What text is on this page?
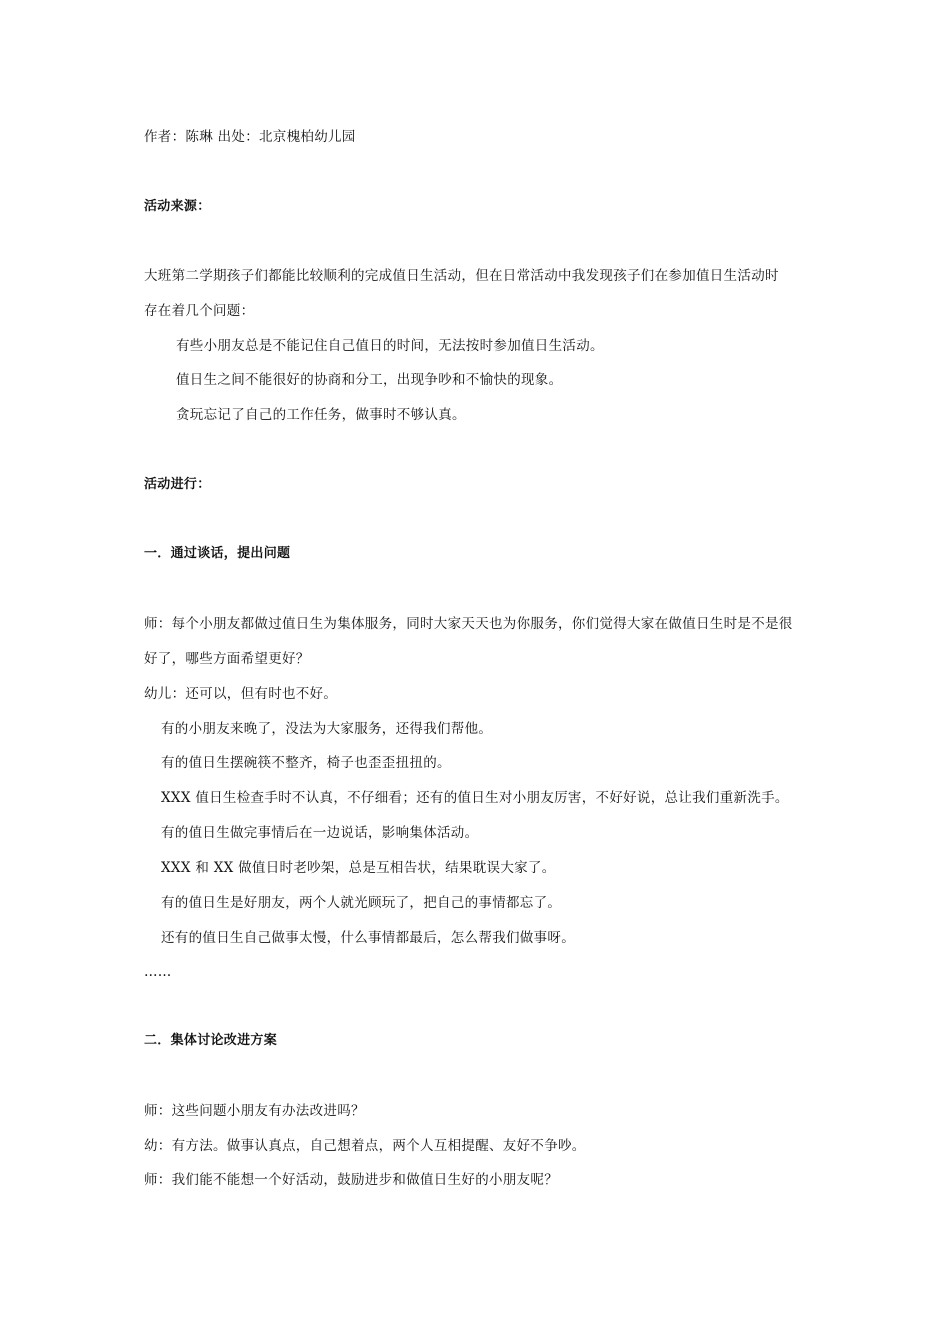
作者：陈琳 出处：北京槐柏幼儿园
活动来源：
大班第二学期孩子们都能比较顺利的完成值日生活动，但在日常活动中我发现孩子们在参加值日生活动时
存在着几个问题：
有些小朋友总是不能记住自己值日的时间，无法按时参加值日生活动。
值日生之间不能很好的协商和分工，出现争吵和不愉快的现象。
贪玩忘记了自己的工作任务，做事时不够认真。
活动进行：
一．通过谈话，提出问题
师：每个小朋友都做过值日生为集体服务，同时大家天天也为你服务，你们觉得大家在做值日生时是不是很
好了，哪些方面希望更好？
幼儿：还可以，但有时也不好。
有的小朋友来晚了，没法为大家服务，还得我们帮他。
有的值日生摆碗筷不整齐，椅子也歪歪扭扭的。
XXX 值日生检查手时不认真，不仔细看；还有的值日生对小朋友厉害，不好好说，总让我们重新洗手。
有的值日生做完事情后在一边说话，影响集体活动。
XXX 和 XX 做值日时老吵架，总是互相告状，结果耽误大家了。
有的值日生是好朋友，两个人就光顾玩了，把自己的事情都忘了。
还有的值日生自己做事太慢，什么事情都最后，怎么帮我们做事呀。
……
二．集体讨论改进方案
师：这些问题小朋友有办法改进吗？
幼：有方法。做事认真点，自己想着点，两个人互相提醒、友好不争吵。
师：我们能不能想一个好活动，鼓励进步和做值日生好的小朋友呢？
